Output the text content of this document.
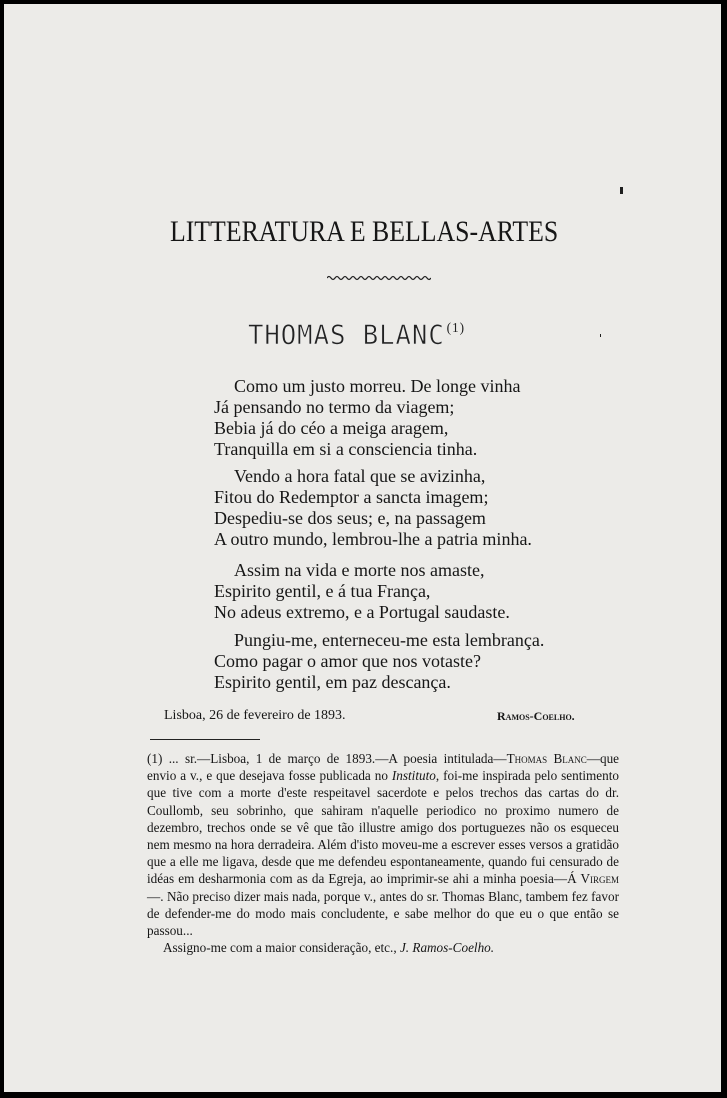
LITTERATURA E BELLAS-ARTES
THOMAS BLANC $^{(1)}$
Como um justo morreu. De longe vinha
Já pensando no termo da viagem;
Bebia já do céo a meiga aragem,
Tranquilla em si a consciencia tinha.
Vendo a hora fatal que se avizinha,
Fitou do Redemptor a sancta imagem;
Despediu-se dos seus; e, na passagem
A outro mundo, lembrou-lhe a patria minha.
Assim na vida e morte nos amaste,
Espirito gentil, e á tua França,
No adeus extremo, e a Portugal saudaste.
Pungiu-me, enterneceu-me esta lembrança.
Como pagar o amor que nos votaste?
Espirito gentil, em paz descança.
Lisboa, 26 de fevereiro de 1893.	Ramos-Coelho.

(1) ... sr.—Lisboa, 1 de março de 1893.—A poesia intitulada—Thomas Blanc—que envio a v., e que desejava fosse publicada no Instituto, foi-me inspirada pelo sentimento que tive com a morte d'este respeitavel sacerdote e pelos trechos das cartas do dr. Coullomb, seu sobrinho, que sahiram n'aquelle periodico no proximo numero de dezembro, trechos onde se vê que tão illustre amigo dos portuguezes não os esqueceu nem mesmo na hora derradeira. Além d'isto moveu-me a escrever esses versos a gratidão que a elle me ligava, desde que me defendeu espontaneamente, quando fui censurado de idéas em desharmonia com as da Egreja, ao imprimir-se ahi a minha poesia—Á Virgem—. Não preciso dizer mais nada, porque v., antes do sr. Thomas Blanc, tambem fez favor de defender-me do modo mais concludente, e sabe melhor do que eu o que então se passou...

Assigno-me com a maior consideração, etc., J. Ramos-Coelho.
